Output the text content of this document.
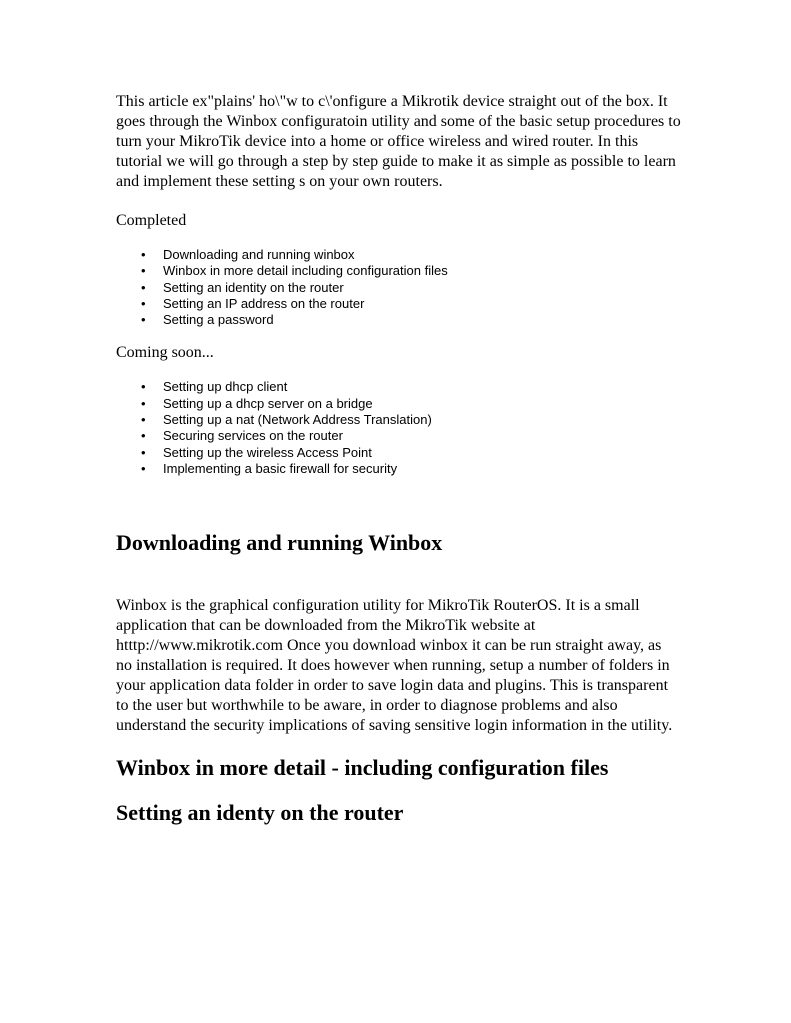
This article ex"plains' ho\"w to c\'onfigure a Mikrotik device straight out of the box. It goes through the Winbox configuratoin utility and some of the basic setup procedures to turn your MikroTik device into a home or office wireless and wired router. In this tutorial we will go through a step by step guide to make it as simple as possible to learn and implement these setting s on your own routers.

Completed

• Downloading and running winbox
• Winbox in more detail including configuration files
• Setting an identity on the router
• Setting an IP address on the router
• Setting a password

Coming soon...

• Setting up dhcp client
• Setting up a dhcp server on a bridge
• Setting up a nat (Network Address Translation)
• Securing services on the router
• Setting up the wireless Access Point
• Implementing a basic firewall for security
Downloading and running Winbox

Winbox is the graphical configuration utility for MikroTik RouterOS. It is a small application that can be downloaded from the MikroTik website at htttp://www.mikrotik.com Once you download winbox it can be run straight away, as no installation is required. It does however when running, setup a number of folders in your application data folder in order to save login data and plugins. This is transparent to the user but worthwhile to be aware, in order to diagnose problems and also understand the security implications of saving sensitive login information in the utility.

Winbox in more detail - including configuration files
Setting an identy on the router
